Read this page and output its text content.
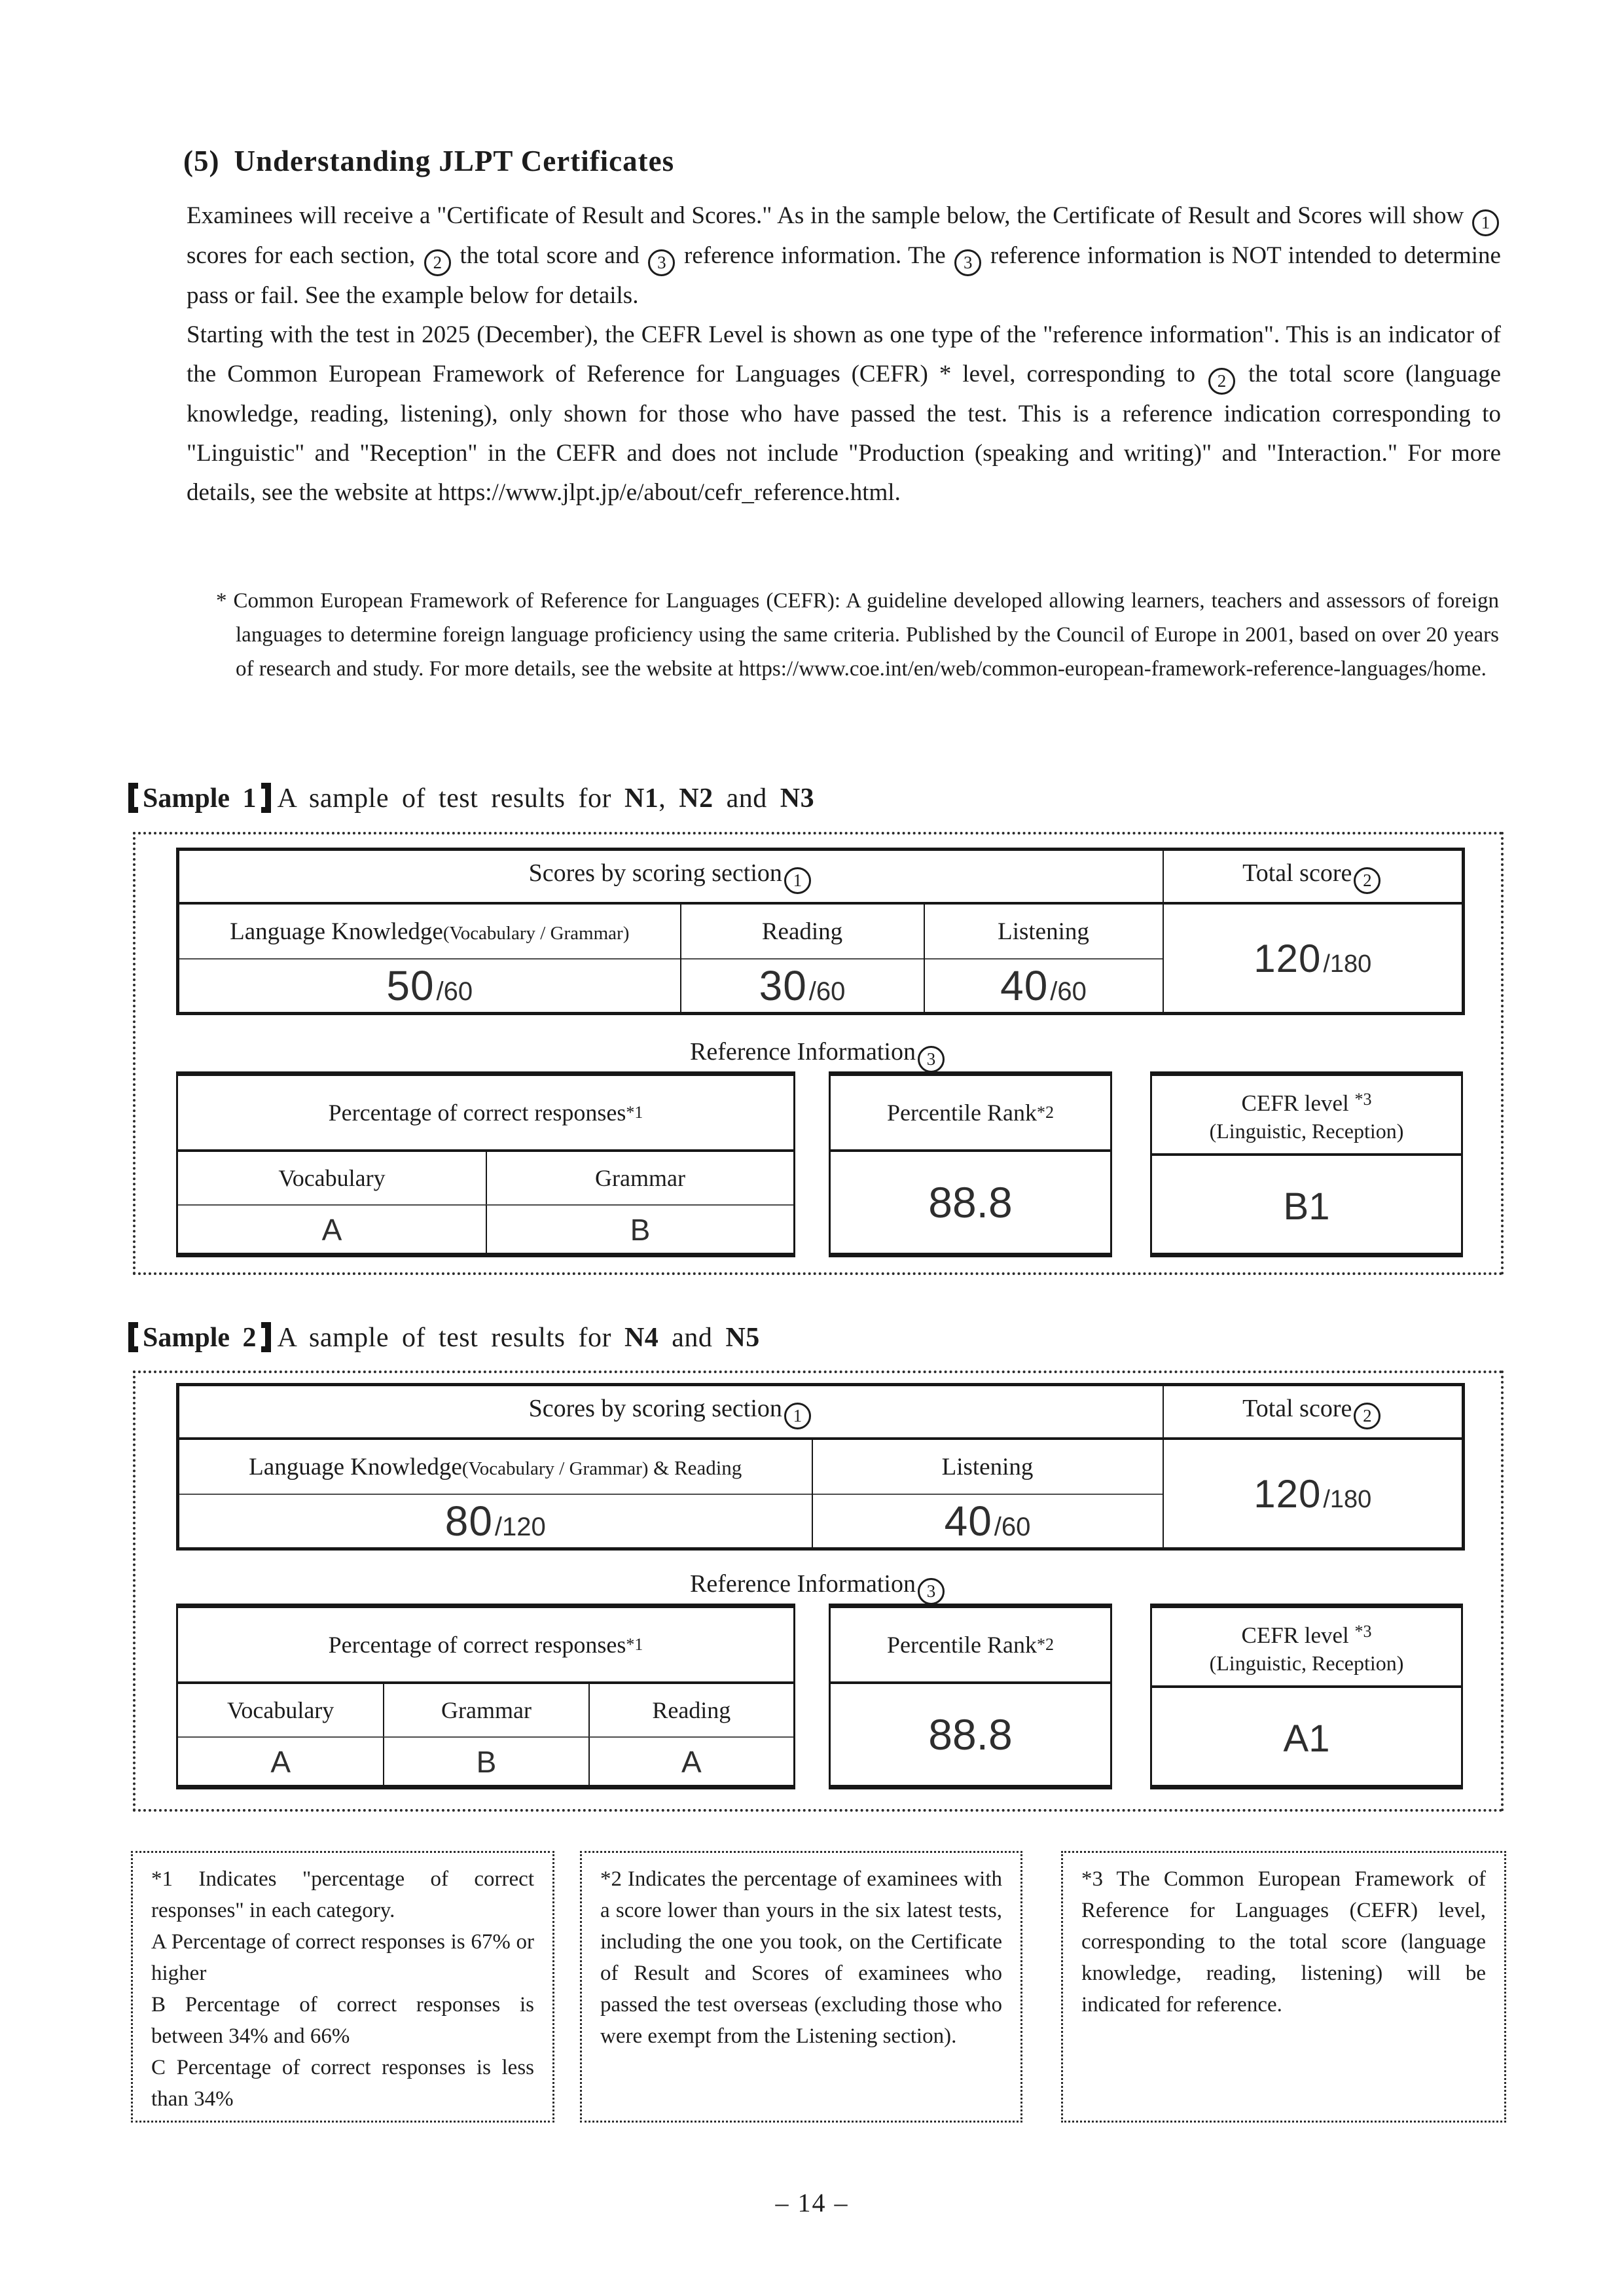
(5) Understanding JLPT Certificates

Examinees will receive a "Certificate of Result and Scores." As in the sample below, the Certificate of Result and Scores will show 1 scores for each section, 2 the total score and 3 reference information. The 3 reference information is NOT intended to determine pass or fail. See the example below for details.

Starting with the test in 2025 (December), the CEFR Level is shown as one type of the "reference information". This is an indicator of the Common European Framework of Reference for Languages (CEFR) * level, corresponding to 2 the total score (language knowledge, reading, listening), only shown for those who have passed the test. This is a reference indication corresponding to "Linguistic" and "Reception" in the CEFR and does not include "Production (speaking and writing)" and "Interaction." For more details, see the website at https://www.jlpt.jp/e/about/cefr_reference.html.

* Common European Framework of Reference for Languages (CEFR): A guideline developed allowing learners, teachers and assessors of foreign languages to determine foreign language proficiency using the same criteria. Published by the Council of Europe in 2001, based on over 20 years of research and study. For more details, see the website at https://www.coe.int/en/web/common-european-framework-reference-languages/home.

Sample 1 A sample of test results for N1, N2 and N3
Scores by scoring section 1			Total score 2
Language Knowledge(Vocabulary / Grammar)	Reading	Listening	120/180
50/60	30/60	40/60	
Reference Information 3
Percentage of correct responses *1
Vocabulary	Grammar
A	B
Percentile Rank *2
88.8
CEFR level $^{*3}$
(Linguistic, Reception)
B1
Sample 2 A sample of test results for N4 and N5
Scores by scoring section 1		Total score 2
Language Knowledge(Vocabulary / Grammar) & Reading	Listening	120/180
80/120	40/60	
Reference Information 3
Percentage of correct responses *1
Vocabulary	Grammar	Reading
A	B	A
Percentile Rank *2
88.8
CEFR level $^{*3}$
(Linguistic, Reception)
A1

*1 Indicates "percentage of correct responses" in each category.

A Percentage of correct responses is 67% or higher

B Percentage of correct responses is between 34% and 66%

C Percentage of correct responses is less than 34%

*2 Indicates the percentage of examinees with a score lower than yours in the six latest tests, including the one you took, on the Certificate of Result and Scores of examinees who passed the test overseas (excluding those who were exempt from the Listening section).

*3 The Common European Framework of Reference for Languages (CEFR) level, corresponding to the total score (language knowledge, reading, listening) will be indicated for reference.

– 14 –
